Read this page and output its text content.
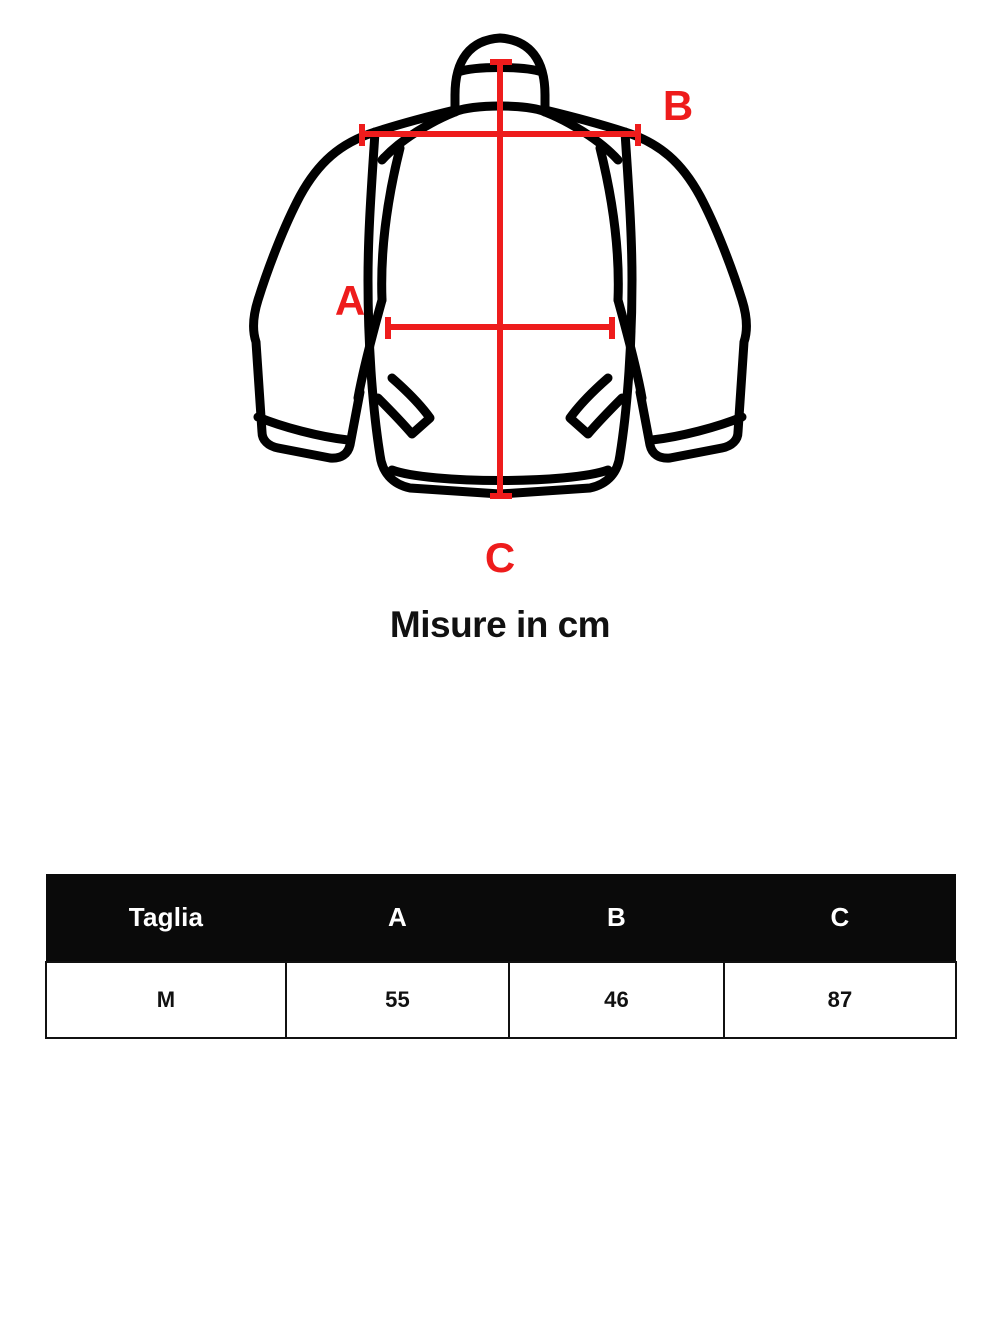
A
B
C
Misure in cm
Taglia	A	B	C
M	55	46	87
